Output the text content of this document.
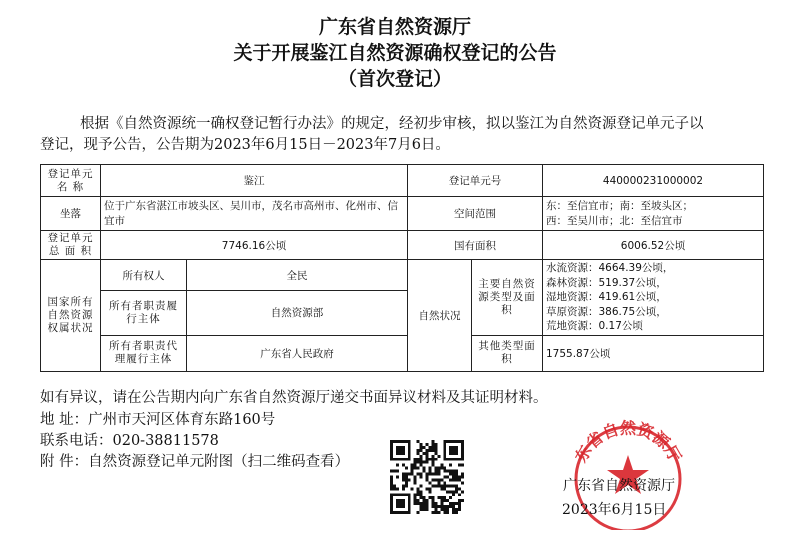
广东省自然资源厅
关于开展鉴江自然资源确权登记的公告
（首次登记）
根据《自然资源统一确权登记暂行办法》的规定，经初步审核，拟以鉴江为自然资源登记单元子以
登记，现予公告，公告期为2023年6月15日－2023年7月6日。
登记单元名 称	鉴江		登记单元号		440000231000002
坐落	位于广东省湛江市坡头区、吴川市，茂名市高州市、化州市、信宜市		空间范围		东：至信宜市；南：至坡头区；
西：至吴川市；北：至信宜市

登记单元总 面 积	7746.16公顷		国有面积		6006.52公顷
国家所有自然资源权属状况	所有权人	全民	自然状况	主要自然资源类型及面积	水流资源：4664.39公顷，
森林资源：519.37公顷，
湿地资源：419.61公顷，
草原资源：386.75公顷，
荒地资源：0.17公顷

	所有者职责履行主体	自然资源部			
	所有者职责代理履行主体	广东省人民政府		其他类型面 积	1755.87公顷
如有异议，请在公告期内向广东省自然资源厅递交书面异议材料及其证明材料。
地 址：广州市天河区体育东路160号
联系电话：020-38811578
附 件：自然资源登记单元附图（扫二维码查看）	东省自然资源厅
广东省自然资源厅
2023年6月15日
